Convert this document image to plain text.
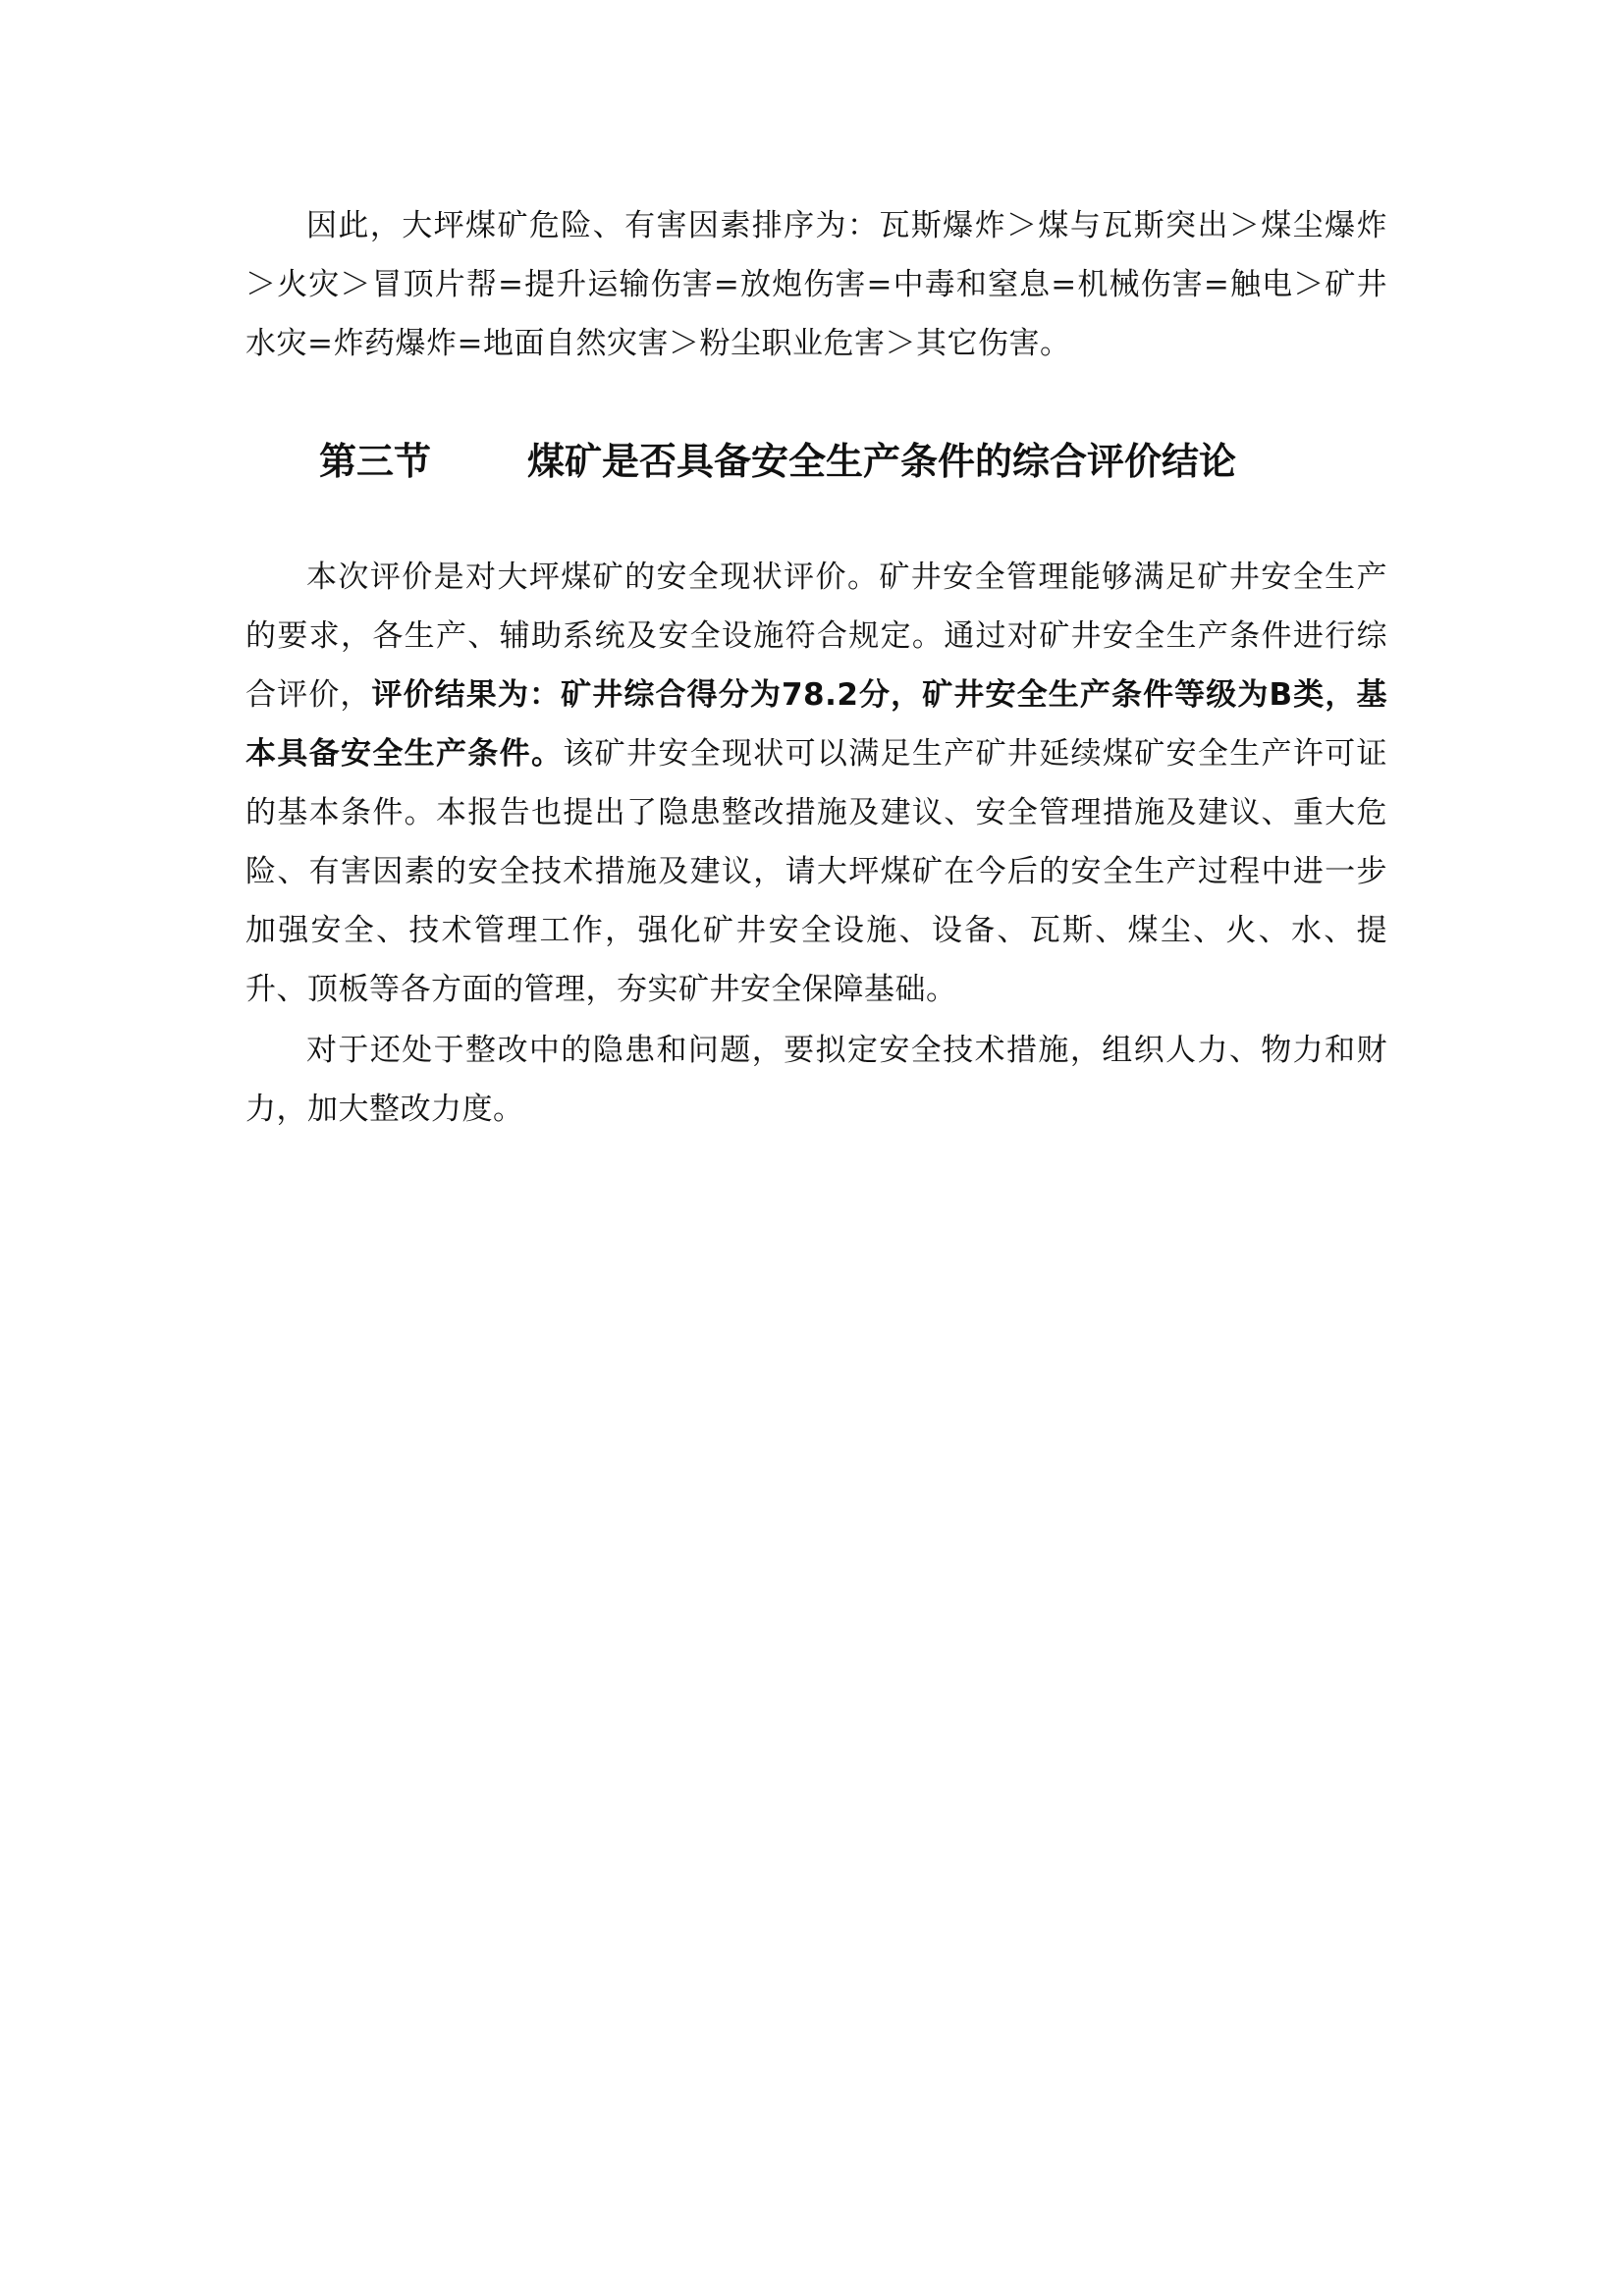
因此，大坪煤矿危险、有害因素排序为：瓦斯爆炸＞煤与瓦斯突出＞煤尘爆炸＞火灾＞冒顶片帮=提升运输伤害=放炮伤害=中毒和窒息=机械伤害=触电＞矿井水灾=炸药爆炸=地面自然灾害＞粉尘职业危害＞其它伤害。

第三节	煤矿是否具备安全生产条件的综合评价结论

本次评价是对大坪煤矿的安全现状评价。矿井安全管理能够满足矿井安全生产的要求，各生产、辅助系统及安全设施符合规定。通过对矿井安全生产条件进行综合评价，评价结果为：矿井综合得分为78.2分，矿井安全生产条件等级为B类，基本具备安全生产条件。该矿井安全现状可以满足生产矿井延续煤矿安全生产许可证的基本条件。本报告也提出了隐患整改措施及建议、安全管理措施及建议、重大危险、有害因素的安全技术措施及建议，请大坪煤矿在今后的安全生产过程中进一步加强安全、技术管理工作，强化矿井安全设施、设备、瓦斯、煤尘、火、水、提升、顶板等各方面的管理，夯实矿井安全保障基础。

对于还处于整改中的隐患和问题，要拟定安全技术措施，组织人力、物力和财力，加大整改力度。
